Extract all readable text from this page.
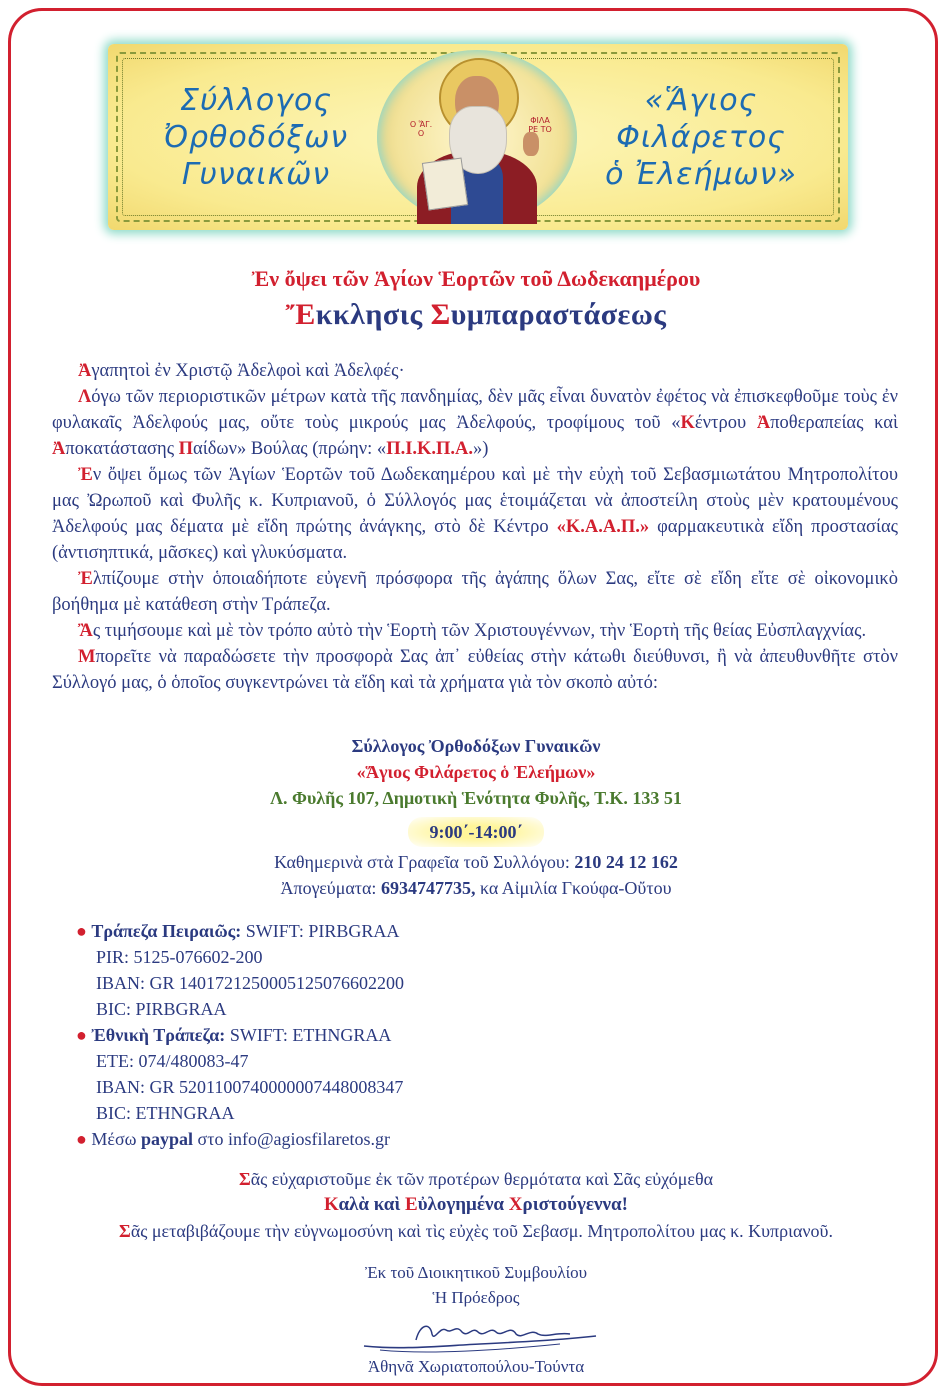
Σύλλογος
Ὀρθοδόξων
Γυναικῶν
Ο ἍΓ. Ο
ΦΙΛΑ ΡΕ ΤΟ
«Ἅγιος
Φιλάρετος
ὁ Ἐλεήμων»
Ἐν ὄψει τῶν Ἁγίων Ἑορτῶν τοῦ Δωδεκαημέρου
Ἔκκλησις Συμπαραστάσεως

Ἀγαπητοὶ ἐν Χριστῷ Ἀδελφοὶ καὶ Ἀδελφές·

Λόγω τῶν περιοριστικῶν μέτρων κατὰ τῆς πανδημίας, δὲν μᾶς εἶναι δυνατὸν ἐφέτος νὰ ἐπισκεφθοῦμε τοὺς ἐν φυλακαῖς Ἀδελφούς μας, οὔτε τοὺς μικρούς μας Ἀδελφούς, τροφίμους τοῦ «Κέντρου Ἀποθεραπείας καὶ Ἀποκατάστασης Παίδων» Βούλας (πρώην: «Π.Ι.Κ.Π.Α.»)

Ἐν ὄψει ὅμως τῶν Ἁγίων Ἑορτῶν τοῦ Δωδεκαημέρου καὶ μὲ τὴν εὐχὴ τοῦ Σεβασμιωτάτου Μητροπολίτου μας Ὠρωποῦ καὶ Φυλῆς κ. Κυπριανοῦ, ὁ Σύλλογός μας ἑτοιμάζεται νὰ ἀποστείλη στοὺς μὲν κρατουμένους Ἀδελφούς μας δέματα μὲ εἴδη πρώτης ἀνάγκης, στὸ δὲ Κέντρο «Κ.Α.Α.Π.» φαρμακευτικὰ εἴδη προστασίας (ἀντισηπτικά, μᾶσκες) καὶ γλυκύσματα.

Ἐλπίζουμε στὴν ὁποιαδήποτε εὐγενῆ πρόσφορα τῆς ἀγάπης ὅλων Σας, εἴτε σὲ εἴδη εἴτε σὲ οἰκονομικὸ βοήθημα μὲ κατάθεση στὴν Τράπεζα.

Ἂς τιμήσουμε καὶ μὲ τὸν τρόπο αὐτὸ τὴν Ἑορτὴ τῶν Χριστουγέννων, τὴν Ἑορτὴ τῆς θείας Εὐσπλαγχνίας.

Μπορεῖτε νὰ παραδώσετε τὴν προσφορὰ Σας ἀπ᾽ εὐθείας στὴν κάτωθι διεύθυνσι, ἢ νὰ ἀπευθυνθῆτε στὸν Σύλλογό μας, ὁ ὁποῖος συγκεντρώνει τὰ εἴδη καὶ τὰ χρήματα γιὰ τὸν σκοπὸ αὐτό:

Σύλλογος Ὀρθοδόξων Γυναικῶν
«Ἅγιος Φιλάρετος ὁ Ἐλεήμων»
Λ. Φυλῆς 107, Δημοτικὴ Ἑνότητα Φυλῆς, Τ.Κ. 133 51
9:00΄-14:00΄
Καθημερινὰ στὰ Γραφεῖα τοῦ Συλλόγου: 210 24 12 162
Ἀπογεύματα: 6934747735, κα Αἰμιλία Γκούφα-Οὔτου
● Τράπεζα Πειραιῶς: SWIFT: PIRBGRAA
PIR: 5125-076602-200
IBAN: GR 1401721250005125076602200
BIC: PIRBGRAA
● Ἐθνικὴ Τράπεζα: SWIFT: ETHNGRAA
ETE: 074/480083-47
IBAN: GR 5201100740000007448008347
BIC: ETHNGRAA
● Μέσω paypal στο info@agiosfilaretos.gr
Σᾶς εὐχαριστοῦμε ἐκ τῶν προτέρων θερμότατα καὶ Σᾶς εὐχόμεθα
Καλὰ καὶ Εὐλογημένα Χριστούγεννα!
Σᾶς μεταβιβάζουμε τὴν εὐγνωμοσύνη καὶ τὶς εὐχὲς τοῦ Σεβασμ. Μητροπολίτου μας κ. Κυπριανοῦ.
Ἐκ τοῦ Διοικητικοῦ Συμβουλίου
Ἡ Πρόεδρος
Ἀθηνᾶ Χωριατοπούλου-Τούντα
